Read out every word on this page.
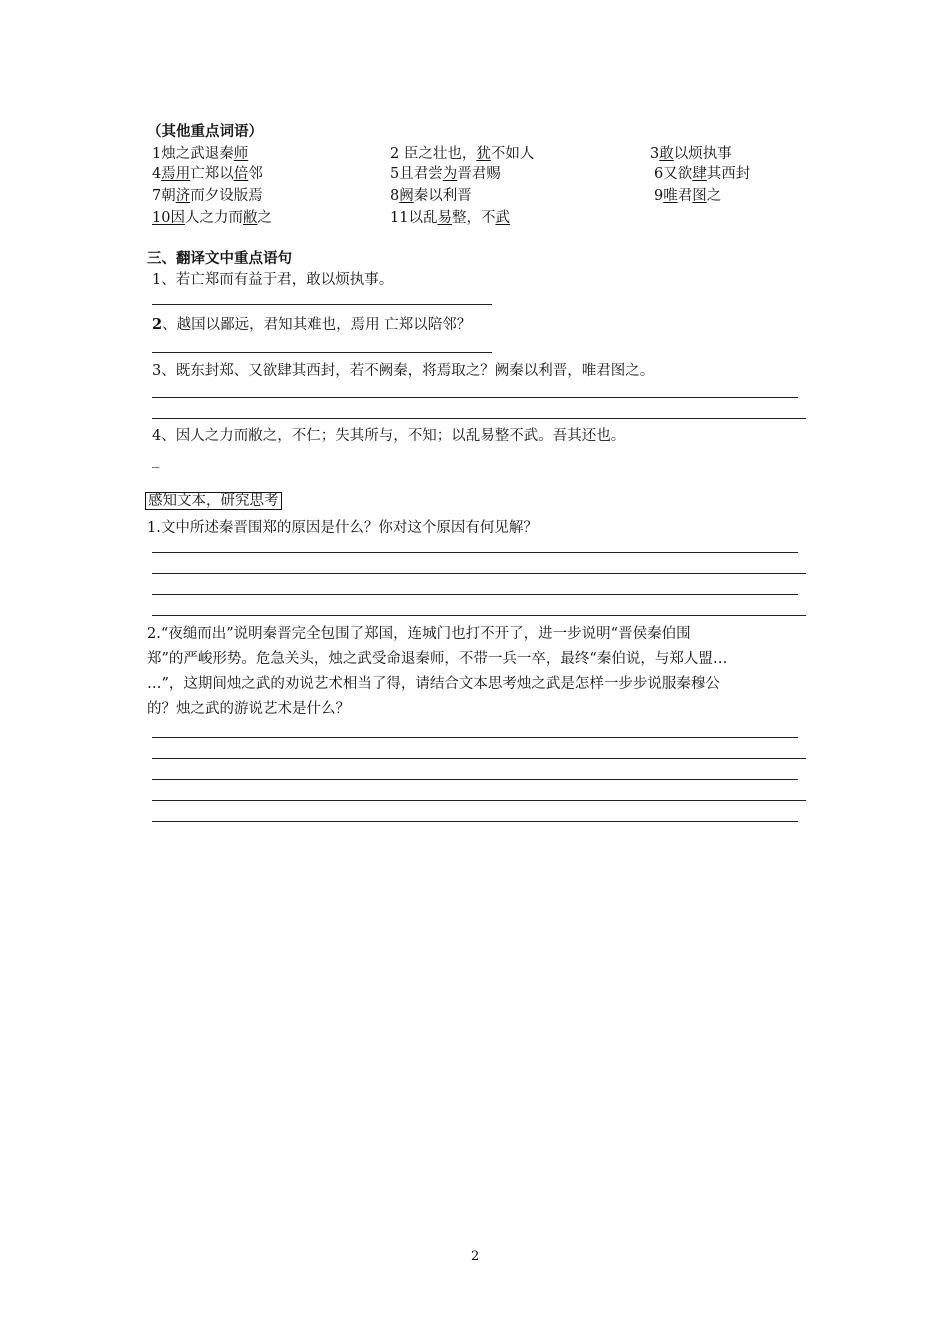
（其他重点词语）
1烛之武退秦师	2 臣之壮也，犹不如人	3敢以烦执事
4焉用亡郑以倍邻	5且君尝为晋君赐	6又欲肆其西封
7朝济而夕设版焉	8阙秦以利晋	9唯君图之
10因人之力而敝之	11以乱易整，不武
三、翻译文中重点语句
1、若亡郑而有益于君，敢以烦执事。
2、越国以鄙远，君知其难也，焉用 亡郑以陪邻？
3、既东封郑、又欲肆其西封，若不阙秦，将焉取之？阙秦以利晋，唯君图之。
4、因人之力而敝之，不仁；失其所与，不知；以乱易整不武。吾其还也。
_
感知文本，研究思考
1.文中所述秦晋围郑的原因是什么？你对这个原因有何见解？
2.“夜缒而出”说明秦晋完全包围了郑国，连城门也打不开了，进一步说明“晋侯秦伯围
郑”的严峻形势。危急关头，烛之武受命退秦师，不带一兵一卒，最终“秦伯说，与郑人盟…
…”，这期间烛之武的劝说艺术相当了得，请结合文本思考烛之武是怎样一步步说服秦穆公
的？烛之武的游说艺术是什么？
2
